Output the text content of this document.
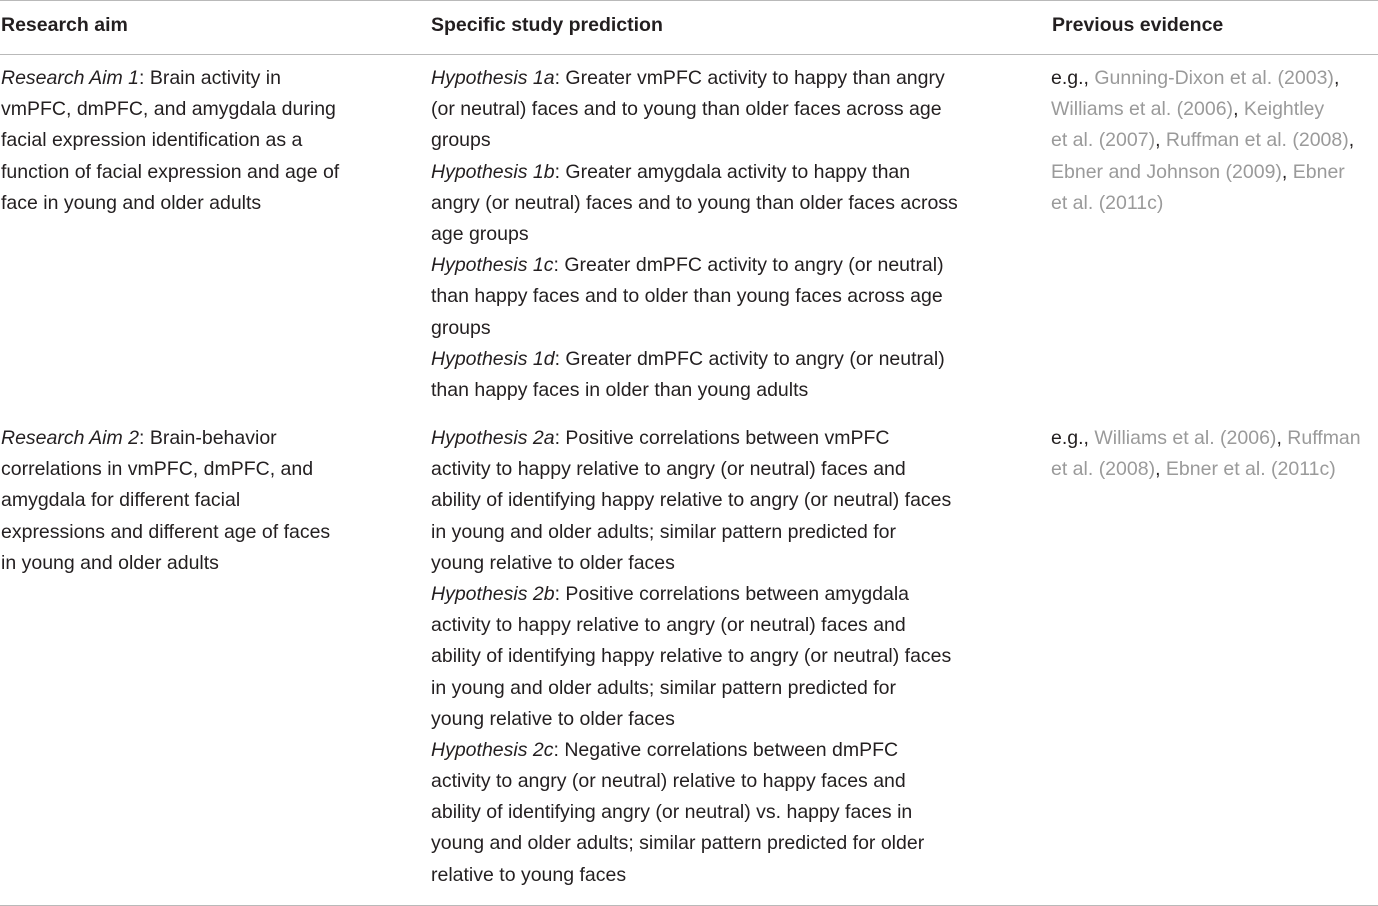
Research aim	Specific study prediction	Previous evidence
Research Aim 1: Brain activity in
vmPFC, dmPFC, and amygdala during
facial expression identification as a
function of facial expression and age of
face in young and older adults
Hypothesis 1a: Greater vmPFC activity to happy than angry
(or neutral) faces and to young than older faces across age
groups
Hypothesis 1b: Greater amygdala activity to happy than
angry (or neutral) faces and to young than older faces across
age groups
Hypothesis 1c: Greater dmPFC activity to angry (or neutral)
than happy faces and to older than young faces across age
groups
Hypothesis 1d: Greater dmPFC activity to angry (or neutral)
than happy faces in older than young adults
e.g., Gunning-Dixon et al. (2003),
Williams et al. (2006), Keightley
et al. (2007), Ruffman et al. (2008),
Ebner and Johnson (2009), Ebner
et al. (2011c)
Research Aim 2: Brain-behavior
correlations in vmPFC, dmPFC, and
amygdala for different facial
expressions and different age of faces
in young and older adults
Hypothesis 2a: Positive correlations between vmPFC
activity to happy relative to angry (or neutral) faces and
ability of identifying happy relative to angry (or neutral) faces
in young and older adults; similar pattern predicted for
young relative to older faces
Hypothesis 2b: Positive correlations between amygdala
activity to happy relative to angry (or neutral) faces and
ability of identifying happy relative to angry (or neutral) faces
in young and older adults; similar pattern predicted for
young relative to older faces
Hypothesis 2c: Negative correlations between dmPFC
activity to angry (or neutral) relative to happy faces and
ability of identifying angry (or neutral) vs. happy faces in
young and older adults; similar pattern predicted for older
relative to young faces
e.g., Williams et al. (2006), Ruffman
et al. (2008), Ebner et al. (2011c)
